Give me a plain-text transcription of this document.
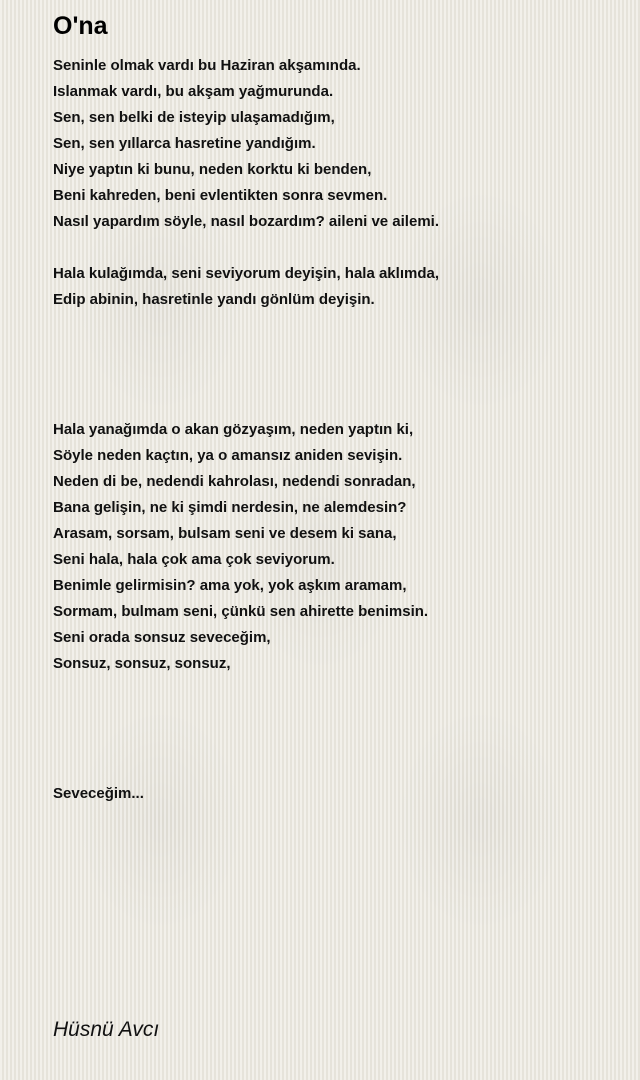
O'na
Seninle olmak vardı bu Haziran akşamında.
Islanmak vardı, bu akşam yağmurunda.
Sen, sen belki de isteyip ulaşamadığım,
Sen, sen yıllarca hasretine yandığım.
Niye yaptın ki bunu, neden korktu ki benden,
Beni kahreden, beni evlentikten sonra sevmen.
Nasıl yapardım söyle, nasıl bozardım? aileni ve ailemi.
Hala kulağımda, seni seviyorum deyişin, hala aklımda,
Edip abinin, hasretinle yandı gönlüm deyişin.
Hala yanağımda o akan gözyaşım, neden yaptın ki,
Söyle neden kaçtın, ya o amansız aniden sevişin.
Neden di be, nedendi kahrolası, nedendi sonradan,
Bana gelişin, ne ki şimdi nerdesin, ne alemdesin?
Arasam, sorsam, bulsam seni ve desem ki sana,
Seni hala, hala çok ama çok seviyorum.
Benimle gelirmisin? ama yok, yok aşkım aramam,
Sormam, bulmam seni, çünkü sen ahirette benimsin.
Seni orada sonsuz seveceğim,
Sonsuz, sonsuz, sonsuz,
Seveceğim...
Hüsnü Avcı
